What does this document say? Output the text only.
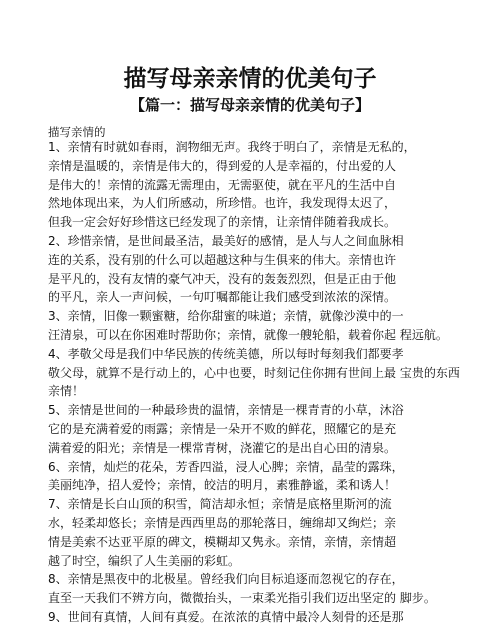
描写母亲亲情的优美句子
【篇一：描写母亲亲情的优美句子】
描写亲情的
1、亲情有时就如春雨，润物细无声。我终于明白了，亲情是无私的，
亲情是温暖的，亲情是伟大的，得到爱的人是幸福的，付出爱的人
是伟大的！亲情的流露无需理由，无需驱使，就在平凡的生活中自
然地体现出来，为人们所感动，所珍惜。也许，我发现得太迟了，
但我一定会好好珍惜这已经发现了的亲情，让亲情伴随着我成长。
2、珍惜亲情，是世间最圣洁，最美好的感情，是人与人之间血脉相
连的关系，没有别的什么可以超越这种与生俱来的伟大。亲情也许
是平凡的，没有友情的豪气冲天，没有的轰轰烈烈，但是正由于他
的平凡，亲人一声问候，一句叮嘱都能让我们感受到浓浓的深情。
3、亲情，旧像一颗蜜糖，给你甜蜜的味道；亲情，就像沙漠中的一
汪清泉，可以在你困难时帮助你；亲情，就像一艘轮船，载着你起 程远航。
4、孝敬父母是我们中华民族的传统美德，所以每时每刻我们都要孝
敬父母，就算不是行动上的，心中也要，时刻记住你拥有世间上最 宝贵的东西
亲情！
5、亲情是世间的一种最珍贵的温情，亲情是一棵青青的小草，沐浴
它的是充满着爱的雨露；亲情是一朵开不败的鲜花，照耀它的是充
满着爱的阳光；亲情是一棵常青树，浇灌它的是出自心田的清泉。
6、亲情，灿烂的花朵，芳香四溢，浸人心脾；亲情，晶莹的露珠，
美丽纯净，招人爱怜；亲情，皎洁的明月，素雅静谧，柔和诱人！
7、亲情是长白山顶的积雪，简洁却永恒；亲情是底格里斯河的流
水，轻柔却悠长；亲情是西西里岛的那轮落日，缠绵却又绚烂；亲
情是美索不达亚平原的碑文，模糊却又隽永。亲情，亲情，亲情超
越了时空，编织了人生美丽的彩虹。
8、亲情是黑夜中的北极星。曾经我们向目标追逐而忽视它的存在，
直至一天我们不辨方向，微微抬头，一束柔光指引我们迈出坚定的 脚步。
9、世间有真情，人间有真爱。在浓浓的真情中最冷人刻骨的还是那
